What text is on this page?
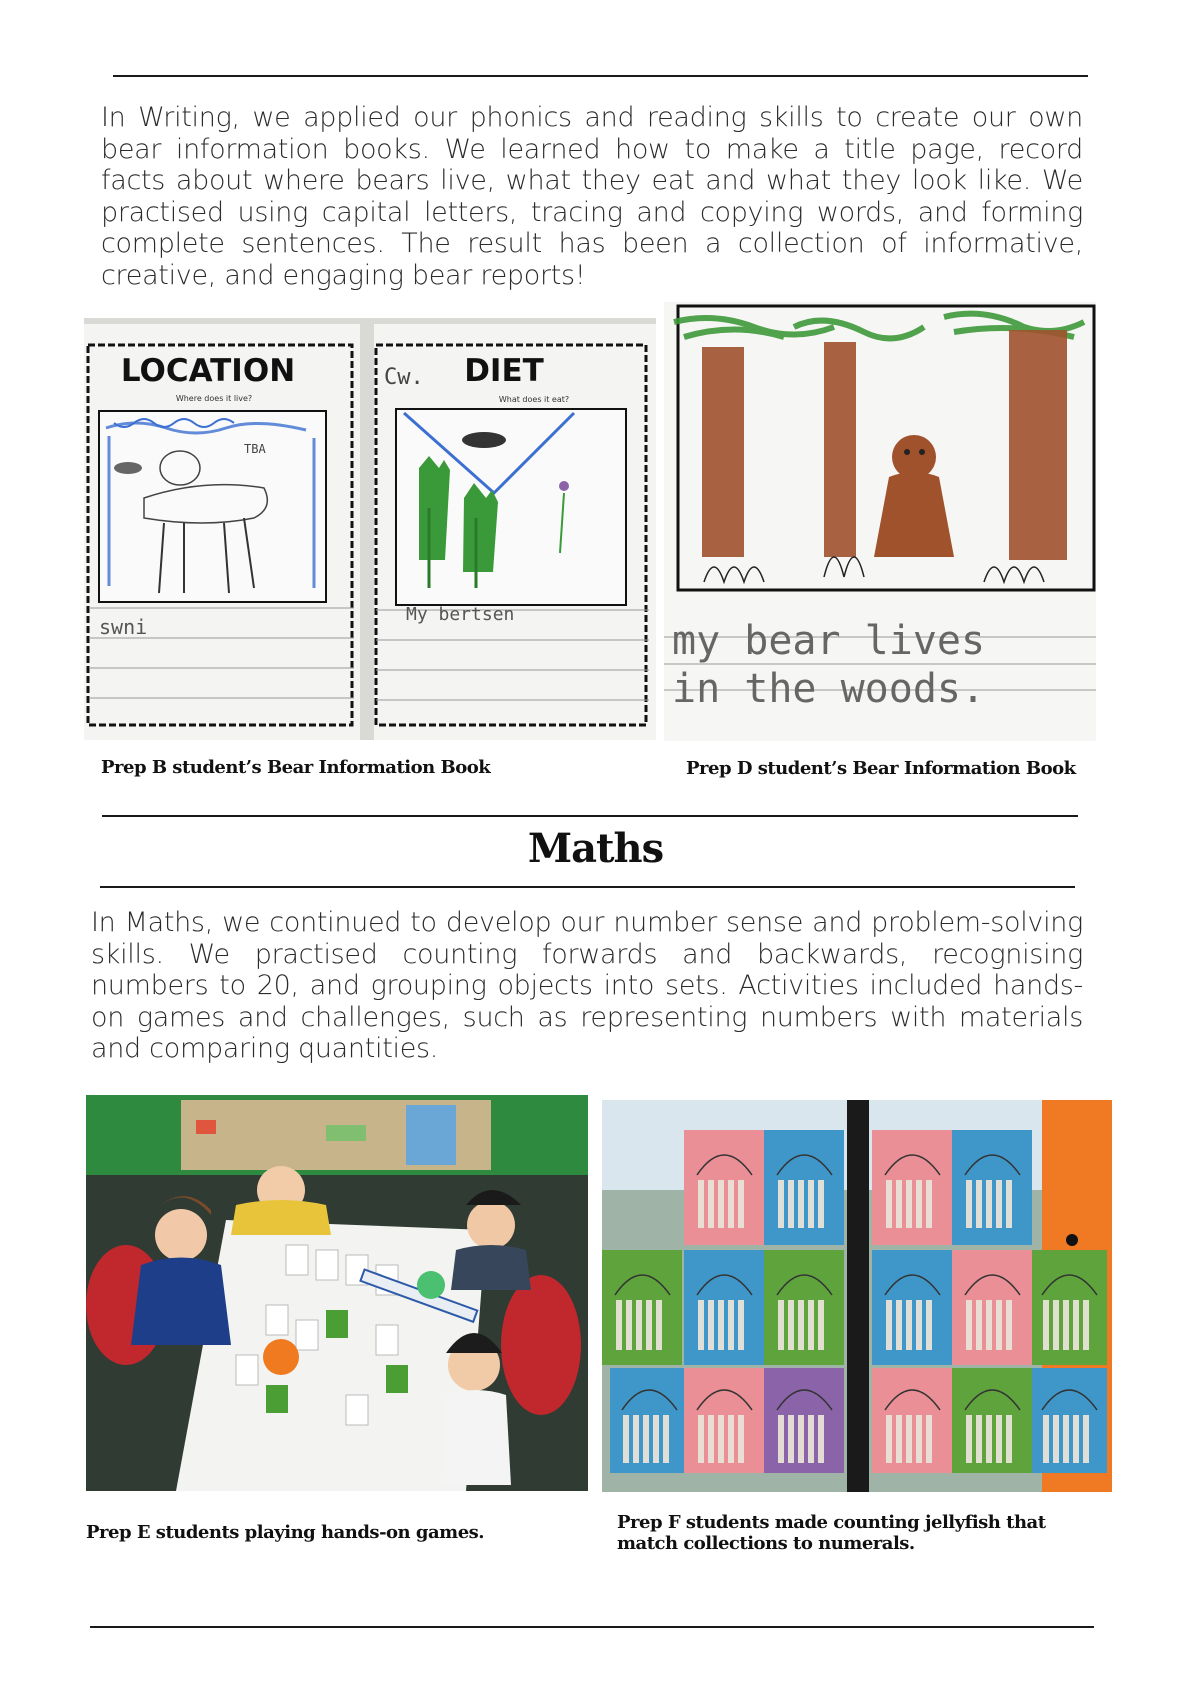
In Writing, we applied our phonics and reading skills to create our own bear information books. We learned how to make a title page, record facts about where bears live, what they eat and what they look like. We practised using capital letters, tracing and copying words, and forming complete sentences. The result has been a collection of informative, creative, and engaging bear reports!

LOCATION
Where does it live?
TBA
swni
Cw. DIET
What does it eat?
My bertsen
my bear lives
in the woods.

Prep B student’s Bear Information Book	Prep D student’s Bear Information Book

Maths

In Maths, we continued to develop our number sense and problem-solving skills. We practised counting forwards and backwards, recognising numbers to 20, and grouping objects into sets. Activities included hands-on games and challenges, such as representing numbers with materials and comparing quantities.

Prep E students playing hands-on games.	Prep F students made counting jellyfish that match collections to numerals.
